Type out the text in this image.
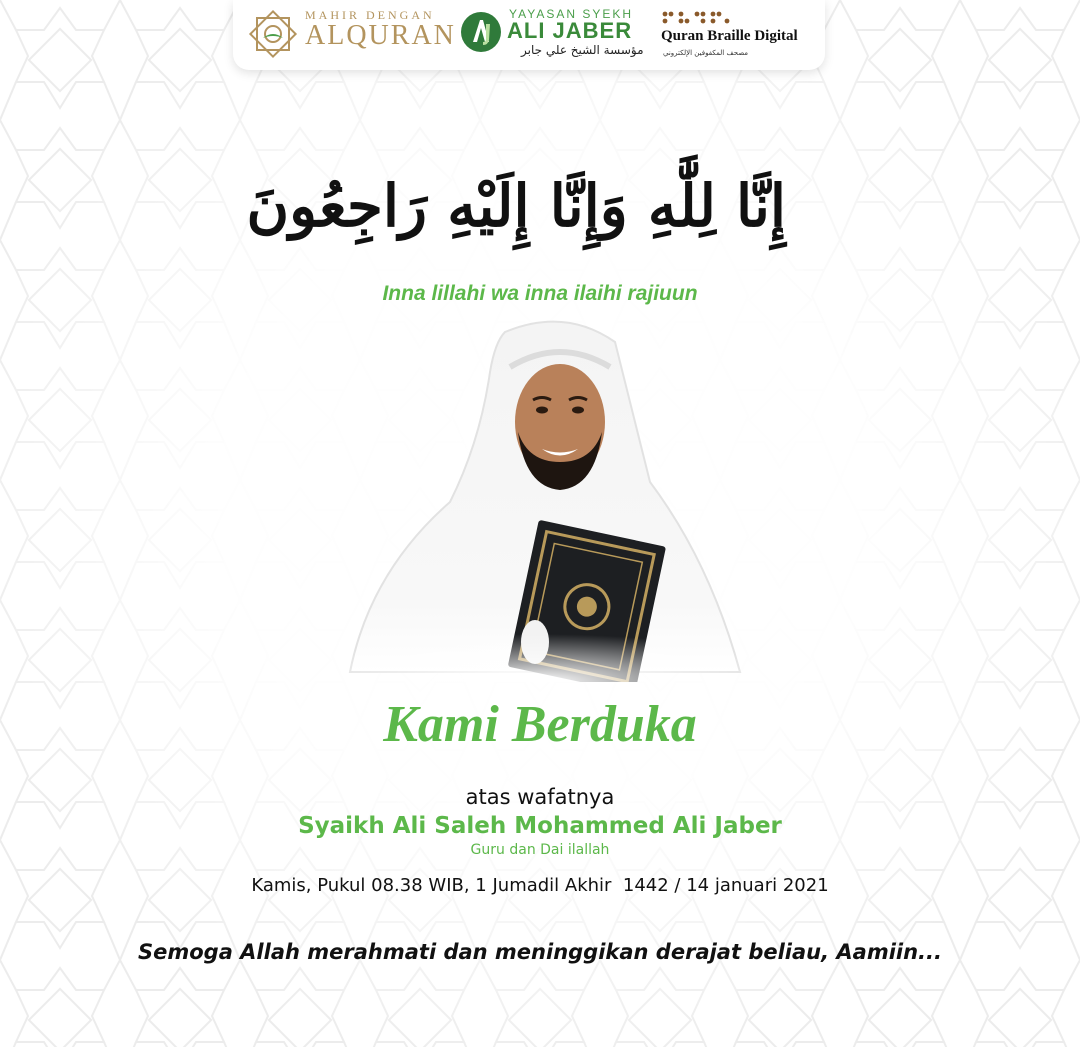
MAHIR DENGAN
ALQURAN
YAYASAN SYEKH
ALI JABER
مؤسسة الشيخ علي جابر
Quran Braille Digital
مصحف المكفوفين الإلكتروني
إِنَّا لِلَّٰهِ وَإِنَّا إِلَيْهِ رَاجِعُونَ
Inna lillahi wa inna ilaihi rajiuun
Kami Berduka
atas wafatnya
Syaikh Ali Saleh Mohammed Ali Jaber
Guru dan Dai ilallah
Kamis, Pukul 08.38 WIB, 1 Jumadil Akhir  1442 / 14 januari 2021
Semoga Allah merahmati dan meninggikan derajat beliau, Aamiin...
